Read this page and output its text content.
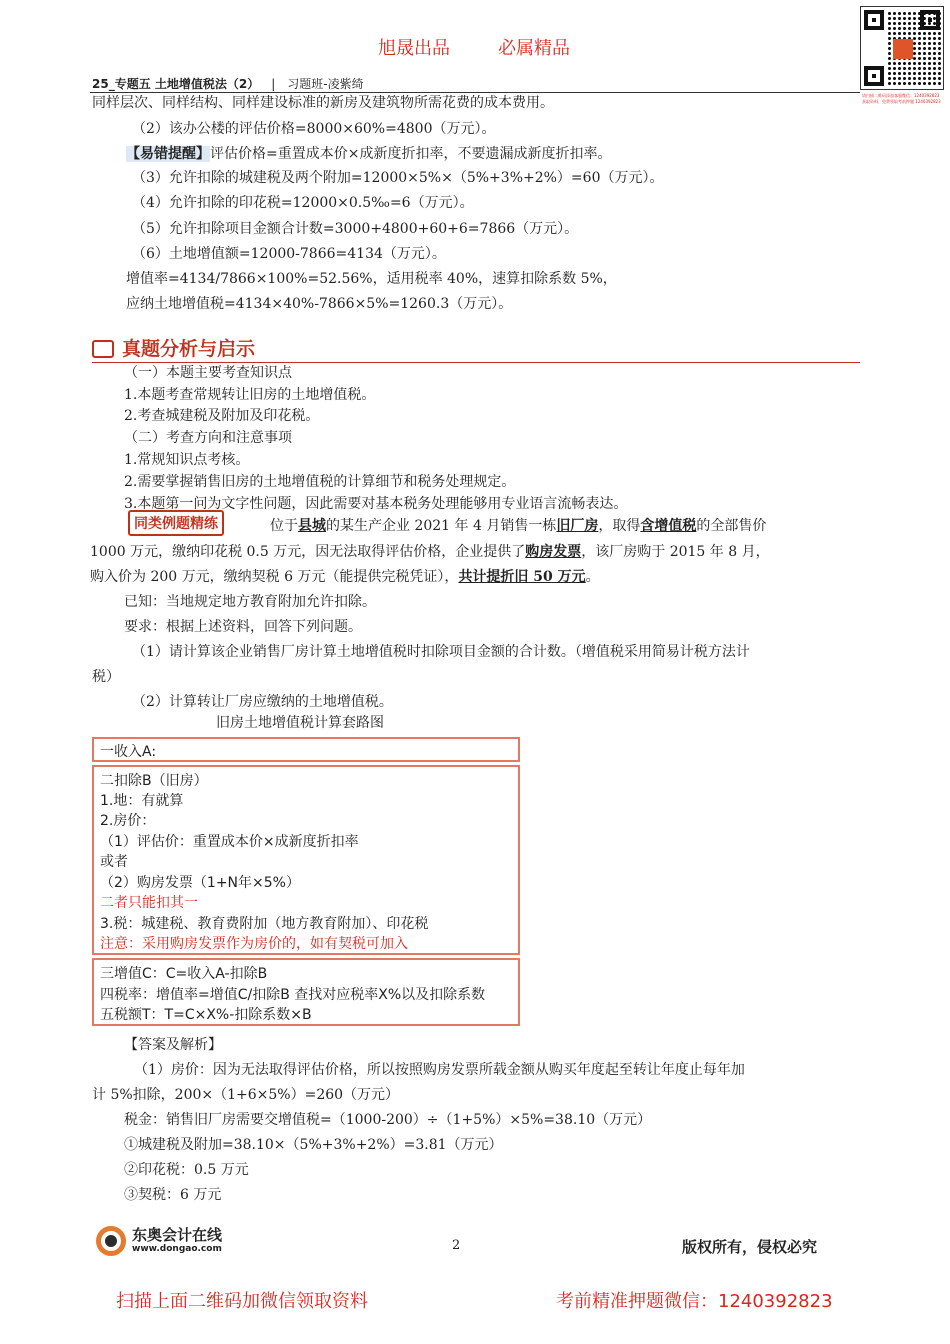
旭晟出品	必属精品
请扫描二维码添加客服微信：1240392823
获取资料、免费领取考前押题 1240392823
25_专题五 土地增值税法（2） | 习题班-凌紫绮
同样层次、同样结构、同样建设标准的新房及建筑物所需花费的成本费用。
（2）该办公楼的评估价格=8000×60%=4800（万元）。
【易错提醒】评估价格=重置成本价×成新度折扣率，不要遗漏成新度折扣率。
（3）允许扣除的城建税及两个附加=12000×5%×（5%+3%+2%）=60（万元）。
（4）允许扣除的印花税=12000×0.5‰=6（万元）。
（5）允许扣除项目金额合计数=3000+4800+60+6=7866（万元）。
（6）土地增值额=12000-7866=4134（万元）。
增值率=4134/7866×100%=52.56%，适用税率 40%，速算扣除系数 5%，
应纳土地增值税=4134×40%-7866×5%=1260.3（万元）。
真题分析与启示
（一）本题主要考查知识点
1.本题考查常规转让旧房的土地增值税。
2.考查城建税及附加及印花税。
（二）考查方向和注意事项
1.常规知识点考核。
2.需要掌握销售旧房的土地增值税的计算细节和税务处理规定。
3.本题第一问为文字性问题，因此需要对基本税务处理能够用专业语言流畅表达。
同类例题精练	位于县城的某生产企业 2021 年 4 月销售一栋旧厂房，取得含增值税的全部售价
1000 万元，缴纳印花税 0.5 万元，因无法取得评估价格，企业提供了购房发票，该厂房购于 2015 年 8 月，
购入价为 200 万元，缴纳契税 6 万元（能提供完税凭证），共计提折旧 50 万元。
已知：当地规定地方教育附加允许扣除。
要求：根据上述资料，回答下列问题。
（1）请计算该企业销售厂房计算土地增值税时扣除项目金额的合计数。（增值税采用简易计税方法计
税）
（2）计算转让厂房应缴纳的土地增值税。
旧房土地增值税计算套路图
一收入A:
二扣除B（旧房）
1.地：有就算
2.房价：
（1）评估价：重置成本价×成新度折扣率
或者
（2）购房发票（1+N年×5%）
二者只能扣其一
3.税：城建税、教育费附加（地方教育附加）、印花税
注意：采用购房发票作为房价的，如有契税可加入
三增值C：C=收入A-扣除B
四税率：增值率=增值C/扣除B 查找对应税率X%以及扣除系数
五税额T：T=C×X%-扣除系数×B
【答案及解析】
（1）房价：因为无法取得评估价格，所以按照购房发票所载金额从购买年度起至转让年度止每年加
计 5%扣除，200×（1+6×5%）=260（万元）
税金：销售旧厂房需要交增值税=（1000-200）÷（1+5%）×5%=38.10（万元）
①城建税及附加=38.10×（5%+3%+2%）=3.81（万元）
②印花税：0.5 万元
③契税：6 万元
东奥会计在线
www.dongao.com	2	版权所有，侵权必究
扫描上面二维码加微信领取资料	考前精准押题微信：1240392823
